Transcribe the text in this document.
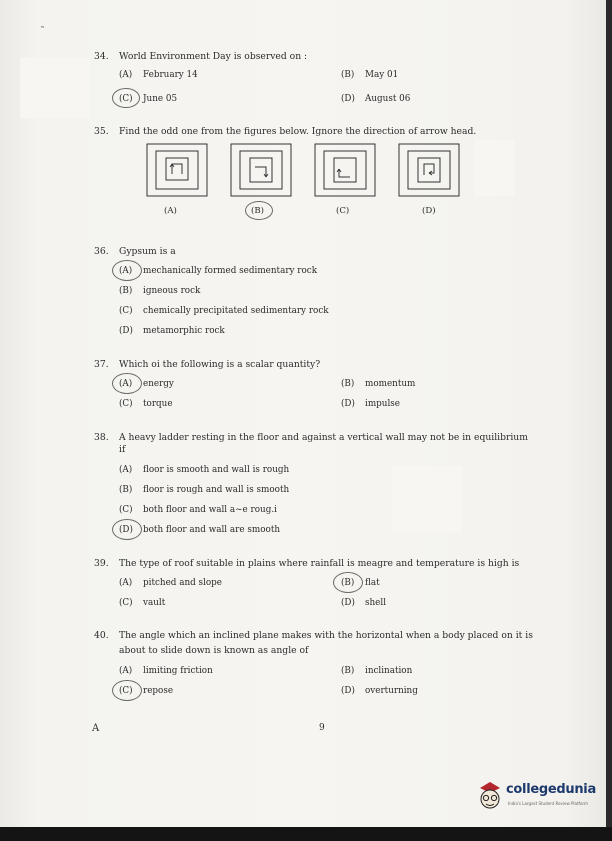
˜
34. World Environment Day is observed on :
(A) February 14	(B) May 01
(C) June 05	(D) August 06
35. Find the odd one from the figures below. Ignore the direction of arrow head.
(A)	(B)	(C)	(D)
36. Gypsum is a
(A) mechanically formed sedimentary rock
(B) igneous rock
(C) chemically precipitated sedimentary rock
(D) metamorphic rock
37. Which oi the following is a scalar quantity?
(A) energy	(B) momentum
(C) torque	(D) impulse
38. A heavy ladder resting in the floor and against a vertical wall may not be in equilibrium
if
(A) floor is smooth and wall is rough
(B) floor is rough and wall is smooth
(C) both floor and wall a~e roug.i
(D) both floor and wall are smooth
39. The type of roof suitable in plains where rainfall is meagre and temperature is high is
(A) pitched and slope	(B) flat
(C) vault	(D) shell
40. The angle which an inclined plane makes with the horizontal when a body placed on it is
about to slide down is known as angle of
(A) limiting friction	(B) inclination
(C) repose	(D) overturning
A	9
collegedunia
India's Largest Student Review Platform
